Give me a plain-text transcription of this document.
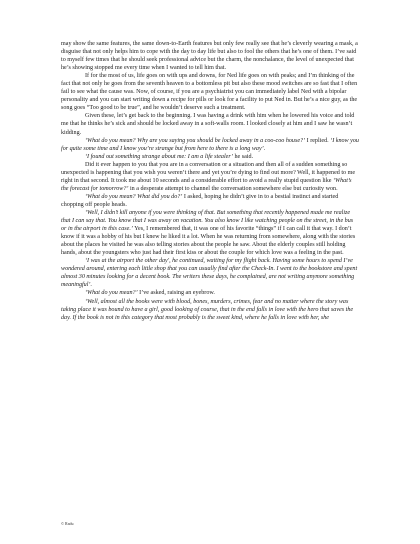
may show the same features, the same down-to-Earth features but only few really see that he’s cleverly wearing a mask, a disguise that not only helps him to cope with the day to day life but also to fool the others that he’s one of them. I’ve said to myself few times that he should seek professional advice but the charm, the nonchalance, the level of unexpected that he’s showing stopped me every time when I wanted to tell him that.

If for the most of us, life goes on with ups and downs, for Ned life goes on with peaks; and I’m thinking of the fact that not only he goes from the seventh heaven to a bottomless pit but also these mood switches are so fast that I often fail to see what the cause was. Now, of course, if you are a psychiatrist you can immediately label Ned with a bipolar personality and you can start writing down a recipe for pills or look for a facility to put Ned in. But he’s a nice guy, as the song goes “Too good to be true”, and he wouldn’t deserve such a treatment.

Given these, let’s get back to the beginning. I was having a drink with him when he lowered his voice and told me that he thinks he’s sick and should be locked away in a soft-walls room. I looked closely at him and I saw he wasn’t kidding.

‘What do you mean? Why are you saying you should be locked away in a coo-coo house?’ I replied. ‘I know you for quite some time and I know you’re strange but from here to there is a long way’.

‘I found out something strange about me: I am a life stealer’ he said.

Did it ever happen to you that you are in a conversation or a situation and then all of a sudden something so unexpected is happening that you wish you weren’t there and yet you’re dying to find out more? Well, it happened to me right in that second. It took me about 10 seconds and a considerable effort to avoid a really stupid question like ‘What’s the forecast for tomorrow?’ in a desperate attempt to channel the conversation somewhere else but curiosity won.

‘What do you mean? What did you do?’ I asked, hoping he didn’t give in to a bestial instinct and started chopping off people heads.

‘Well, I didn’t kill anyone if you were thinking of that. But something that recently happened made me realize that I can say that. You know that I was away on vacation. You also know I like watching people on the street, in the bus or in the airport in this case.’ Yes, I remembered that, it was one of his favorite “things” if I can call it that way. I don’t know if it was a hobby of his but I knew he liked it a lot. When he was returning from somewhere, along with the stories about the places he visited he was also telling stories about the people he saw. About the elderly couples still holding hands, about the youngsters who just had their first kiss or about the couple for which love was a feeling in the past.

‘I was at the airport the other day', he continued, waiting for my flight back. Having some hours to spend I’ve wondered around, entering each little shop that you can usually find after the Check-In. I went to the bookstore and spent almost 30 minutes looking for a decent book. The writers these days, he complained, are not writing anymore something meaningful’.

‘What do you mean?’ I’ve asked, raising an eyebrow.

‘Well, almost all the books were with blood, bones, murders, crimes, fear and no matter where the story was taking place it was bound to have a girl, good looking of course, that in the end falls in love with the hero that saves the day. If the book is not in this category that most probably is the sweet kind, where he falls in love with her, she

© Radu
